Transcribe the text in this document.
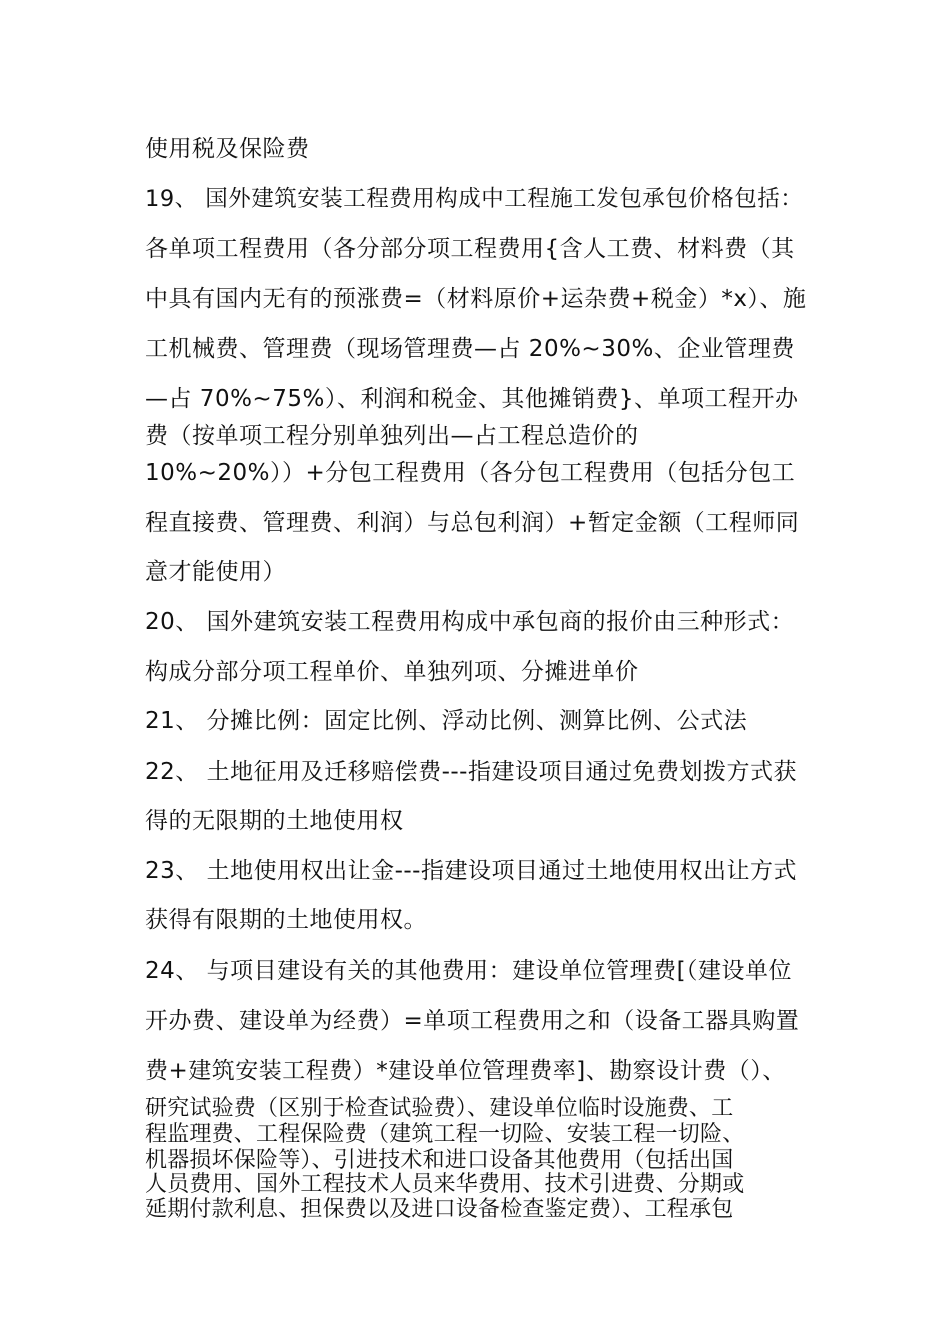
使用税及保险费
19、 国外建筑安装工程费用构成中工程施工发包承包价格包括：
各单项工程费用（各分部分项工程费用{含人工费、材料费（其
中具有国内无有的预涨费=（材料原价+运杂费+税金）*x）、施
工机械费、管理费（现场管理费—占 20%~30%、企业管理费
—占 70%~75%）、利润和税金、其他摊销费}、单项工程开办
费（按单项工程分别单独列出—占工程总造价的
10%~20%））+分包工程费用（各分包工程费用（包括分包工
程直接费、管理费、利润）与总包利润）+暂定金额（工程师同
意才能使用）
20、 国外建筑安装工程费用构成中承包商的报价由三种形式：
构成分部分项工程单价、单独列项、分摊进单价
21、 分摊比例：固定比例、浮动比例、测算比例、公式法
22、 土地征用及迁移赔偿费---指建设项目通过免费划拨方式获
得的无限期的土地使用权
23、 土地使用权出让金---指建设项目通过土地使用权出让方式
获得有限期的土地使用权。
24、 与项目建设有关的其他费用：建设单位管理费[（建设单位
开办费、建设单为经费）=单项工程费用之和（设备工器具购置
费+建筑安装工程费）*建设单位管理费率]、勘察设计费（）、
研究试验费（区别于检查试验费）、建设单位临时设施费、工
程监理费、工程保险费（建筑工程一切险、安装工程一切险、
机器损坏保险等）、引进技术和进口设备其他费用（包括出国
人员费用、国外工程技术人员来华费用、技术引进费、分期或
延期付款利息、担保费以及进口设备检查鉴定费）、工程承包
